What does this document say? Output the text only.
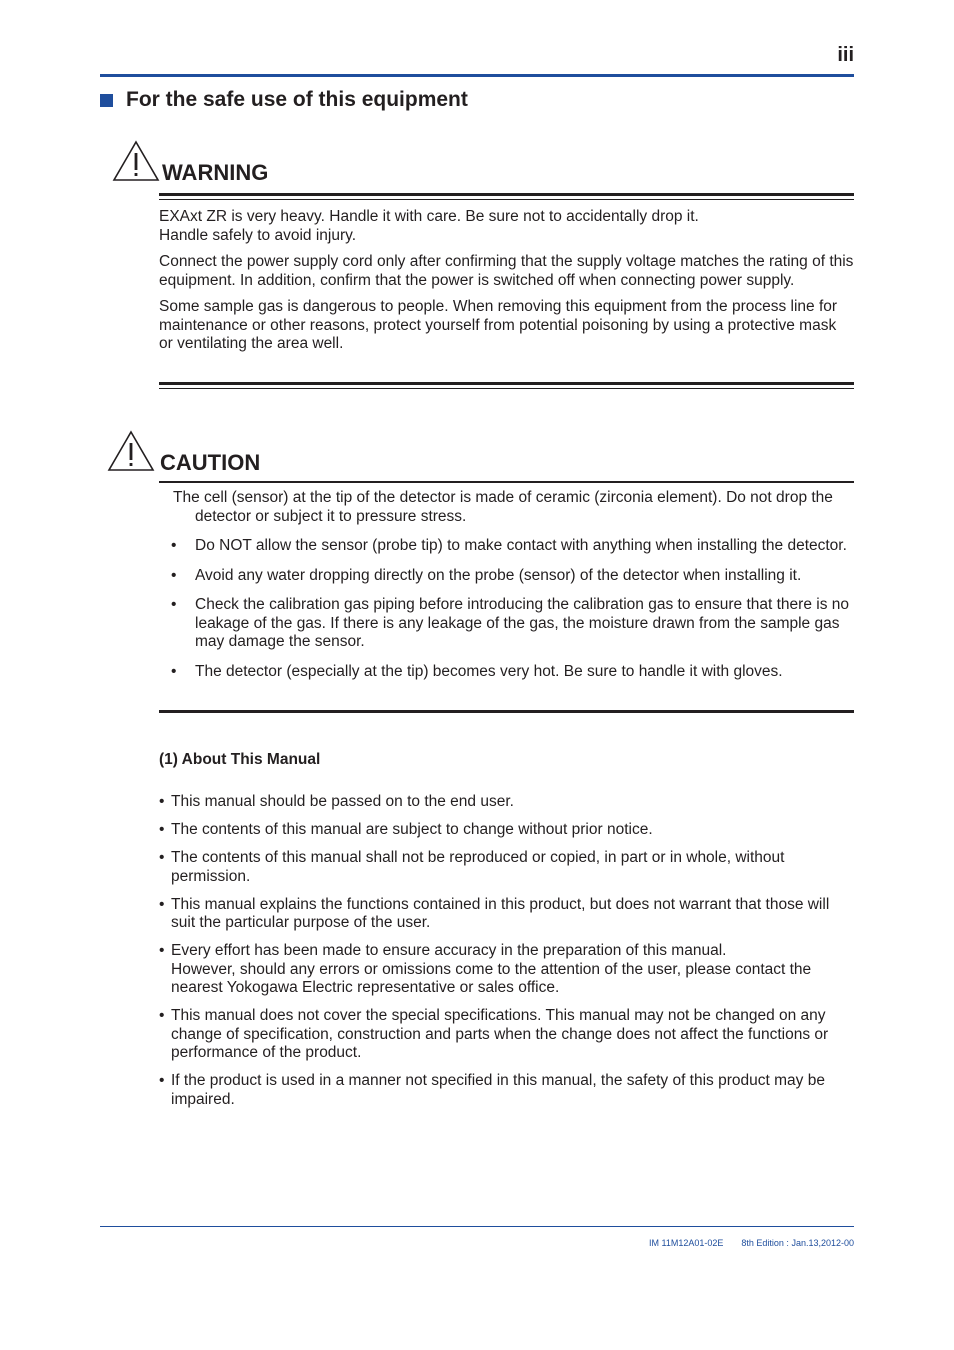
iii
For the safe use of this equipment
WARNING

EXAxt ZR is very heavy. Handle it with care. Be sure not to accidentally drop it.

Handle safely to avoid injury.

Connect the power supply cord only after confirming that the supply voltage matches the rating of this equipment. In addition, confirm that the power is switched off when connecting power supply.

Some sample gas is dangerous to people. When removing this equipment from the process line for maintenance or other reasons, protect yourself from potential poisoning by using a protective mask or ventilating the area well.

CAUTION

The cell (sensor) at the tip of the detector is made of ceramic (zirconia element). Do not drop the detector or subject it to pressure stress.

• Do NOT allow the sensor (probe tip) to make contact with anything when installing the detector.
• Avoid any water dropping directly on the probe (sensor) of the detector when installing it.
• Check the calibration gas piping before introducing the calibration gas to ensure that there is no leakage of the gas. If there is any leakage of the gas, the moisture drawn from the sample gas may damage the sensor.
• The detector (especially at the tip) becomes very hot. Be sure to handle it with gloves.
(1) About This Manual
• This manual should be passed on to the end user.
• The contents of this manual are subject to change without prior notice.
• The contents of this manual shall not be reproduced or copied, in part or in whole, without permission.
• This manual explains the functions contained in this product, but does not warrant that those will suit the particular purpose of the user.
• Every effort has been made to ensure accuracy in the preparation of this manual.
However, should any errors or omissions come to the attention of the user, please contact the nearest Yokogawa Electric representative or sales office.
• This manual does not cover the special specifications. This manual may not be changed on any change of specification, construction and parts when the change does not affect the functions or performance of the product.
• If the product is used in a manner not specified in this manual, the safety of this product may be impaired.
IM 11M12A01-02E 8th Edition : Jan.13,2012-00
